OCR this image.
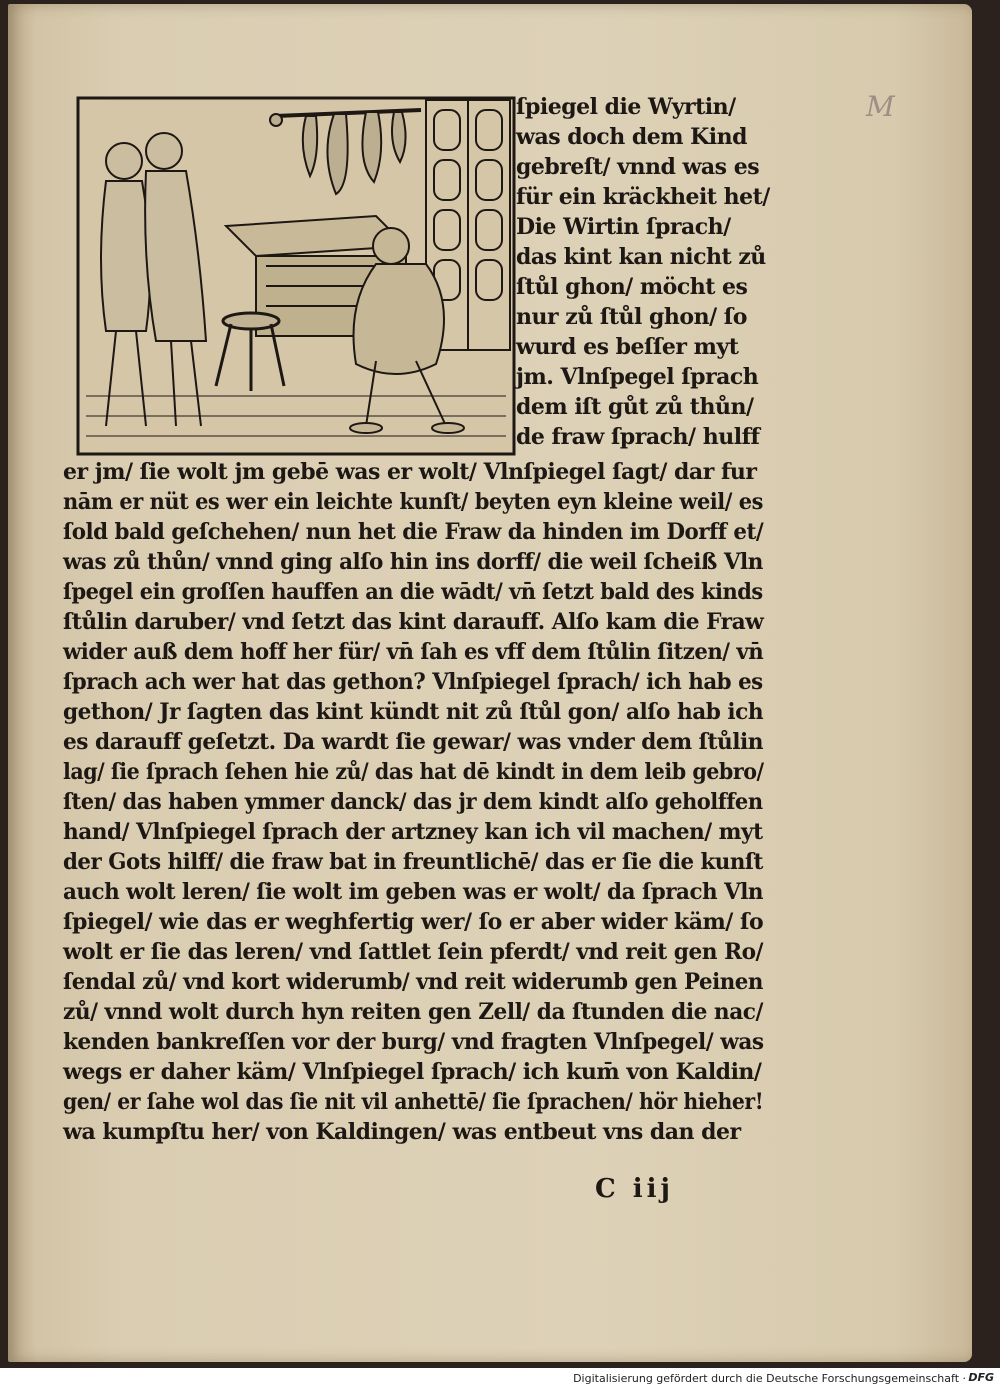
M

ſpiegel die Wyrtin/

was doch dem Kind

gebreſt/ vnnd was es

für ein kräckheit het/

Die Wirtin ſprach/

das kint kan nicht zů

ſtůl ghon/ möcht es

nur zů ſtůl ghon/ ſo

wurd es beſſer myt

jm. Vlnſpegel ſprach

dem iſt gůt zů thůn/

de fraw ſprach/ hulff

er jm/ ſie wolt jm gebē was er wolt/ Vlnſpiegel ſagt/ dar fur

nām er nüt es wer ein leichte kunſt/ beyten eyn kleine weil/ es

ſold bald geſchehen/ nun het die Fraw da hinden im Dorff et/

was zů thůn/ vnnd ging alſo hin ins dorff/ die weil ſcheiß Vln

ſpegel ein groſſen hauffen an die wādt/ vn̄ ſetzt bald des kinds

ſtůlin daruber/ vnd ſetzt das kint darauff. Alſo kam die Fraw

wider auß dem hoff her für/ vn̄ ſah es vff dem ſtůlin ſitzen/ vn̄

ſprach ach wer hat das gethon? Vlnſpiegel ſprach/ ich hab es

gethon/ Jr ſagten das kint kündt nit zů ſtůl gon/ alſo hab ich

es darauff geſetzt. Da wardt ſie gewar/ was vnder dem ſtůlin

lag/ ſie ſprach ſehen hie zů/ das hat dē kindt in dem leib gebro/

ſten/ das haben ymmer danck/ das jr dem kindt alſo geholffen

hand/ Vlnſpiegel ſprach der artzney kan ich vil machen/ myt

der Gots hilff/ die fraw bat in freuntlichē/ das er ſie die kunſt

auch wolt leren/ ſie wolt im geben was er wolt/ da ſprach Vln

ſpiegel/ wie das er weghfertig wer/ ſo er aber wider käm/ ſo

wolt er ſie das leren/ vnd ſattlet ſein pferdt/ vnd reit gen Ro/

ſendal zů/ vnd kort widerumb/ vnd reit widerumb gen Peinen

zů/ vnnd wolt durch hyn reiten gen Zell/ da ſtunden die nac/

kenden bankreſſen vor der burg/ vnd fragten Vlnſpegel/ was

wegs er daher käm/ Vlnſpiegel ſprach/ ich kum̄ von Kaldin/

gen/ er ſahe wol das ſie nit vil anhettē/ ſie ſprachen/ hör hieher!

wa kumpſtu her/ von Kaldingen/ was entbeut vns dan der

C iij

Digitalisierung gefördert durch die Deutsche Forschungsgemeinschaft · DFG
